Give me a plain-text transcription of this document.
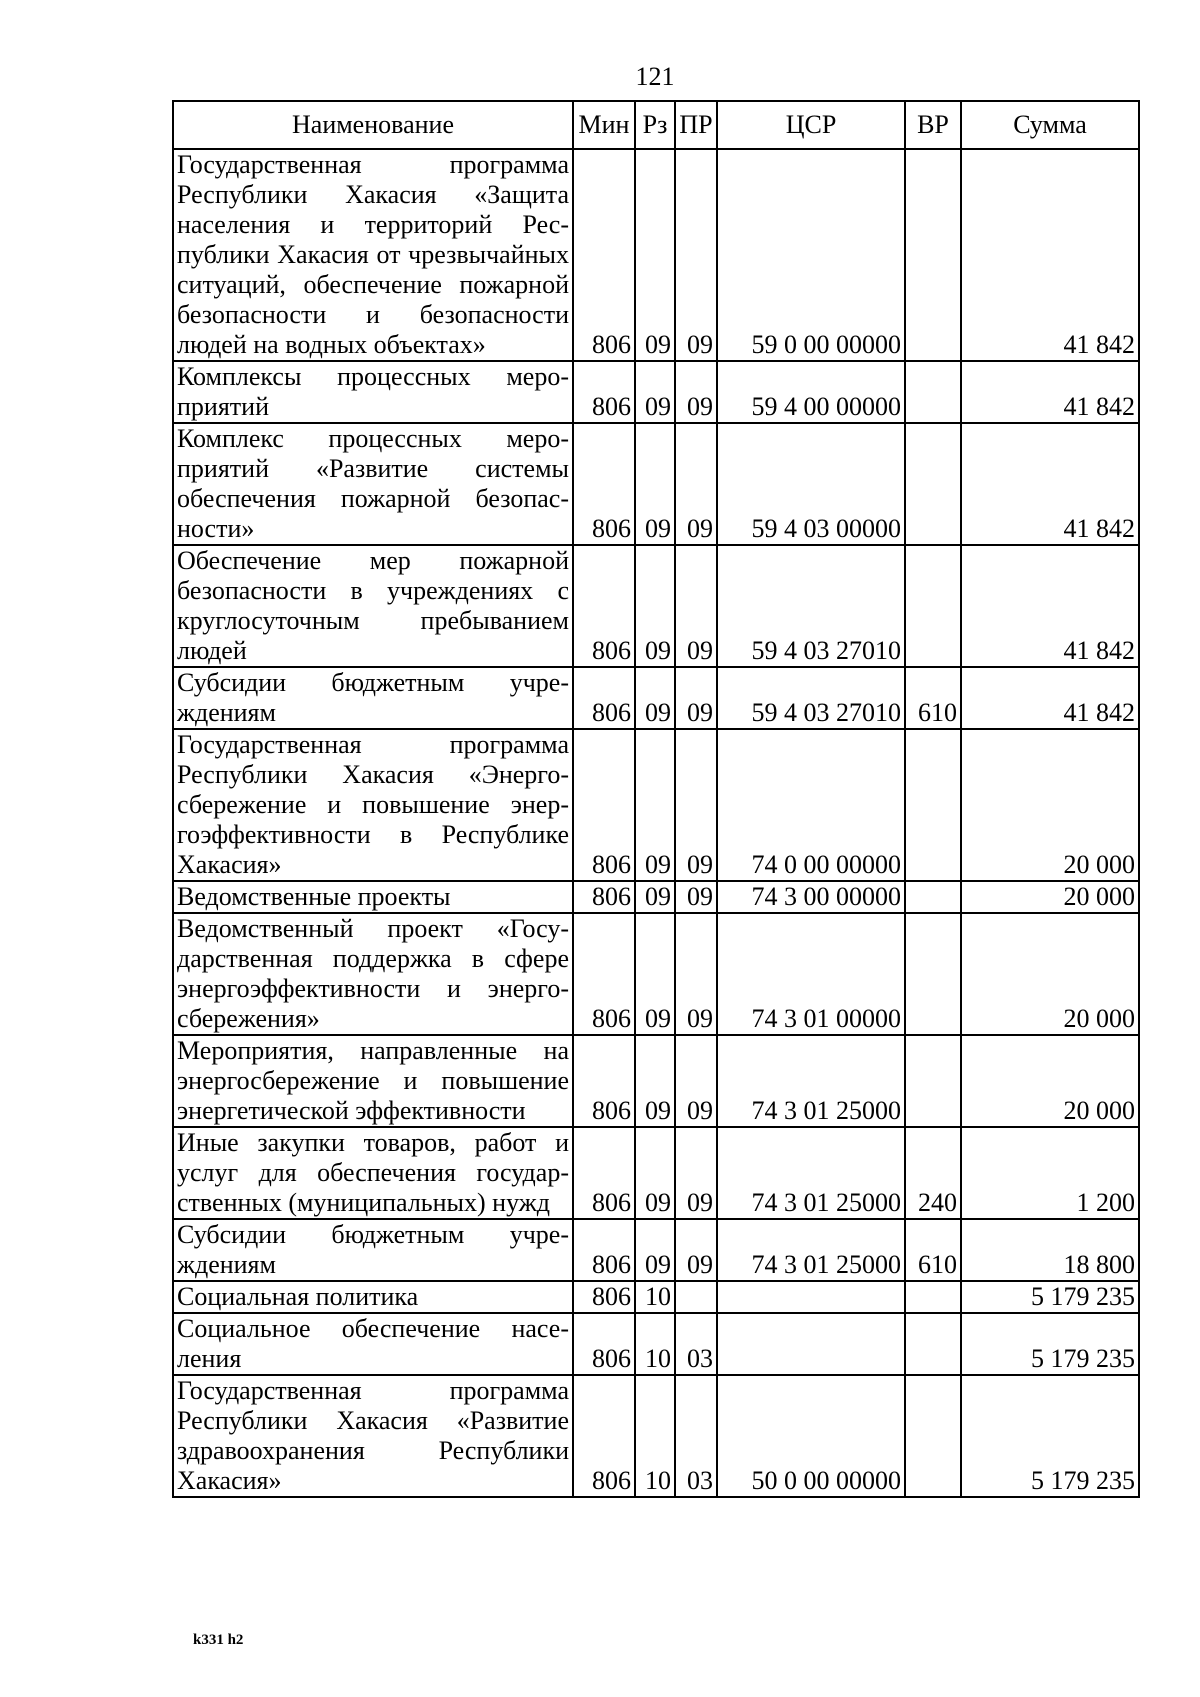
121
Наименование	Мин	Рз	ПР	ЦСР	ВР	Сумма
Государственная программа Республики Хакасия «Защита населения и территорий Республики Хакасия от чрезвычайных ситуаций, обеспечение пожарной безопасности и безопасности людей на водных объектах»	806	09	09	59 0 00 00000		41 842
Комплексы процессных мероприятий	806	09	09	59 4 00 00000		41 842
Комплекс процессных мероприятий «Развитие системы обеспечения пожарной безопасности»	806	09	09	59 4 03 00000		41 842
Обеспечение мер пожарной безопасности в учреждениях с круглосуточным пребыванием людей	806	09	09	59 4 03 27010		41 842
Субсидии бюджетным учреждениям	806	09	09	59 4 03 27010	610	41 842
Государственная программа Республики Хакасия «Энергосбережение и повышение энергоэффективности в Республике Хакасия»	806	09	09	74 0 00 00000		20 000
Ведомственные проекты	806	09	09	74 3 00 00000		20 000
Ведомственный проект «Государственная поддержка в сфере энергоэффективности и энергосбережения»	806	09	09	74 3 01 00000		20 000
Мероприятия, направленные на энергосбережение и повышение энергетической эффективности	806	09	09	74 3 01 25000		20 000
Иные закупки товаров, работ и услуг для обеспечения государственных (муниципальных) нужд	806	09	09	74 3 01 25000	240	1 200
Субсидии бюджетным учреждениям	806	09	09	74 3 01 25000	610	18 800
Социальная политика	806	10				5 179 235
Социальное обеспечение населения	806	10	03			5 179 235
Государственная программа Республики Хакасия «Развитие здравоохранения Республики Хакасия»	806	10	03	50 0 00 00000		5 179 235
k331 h2
